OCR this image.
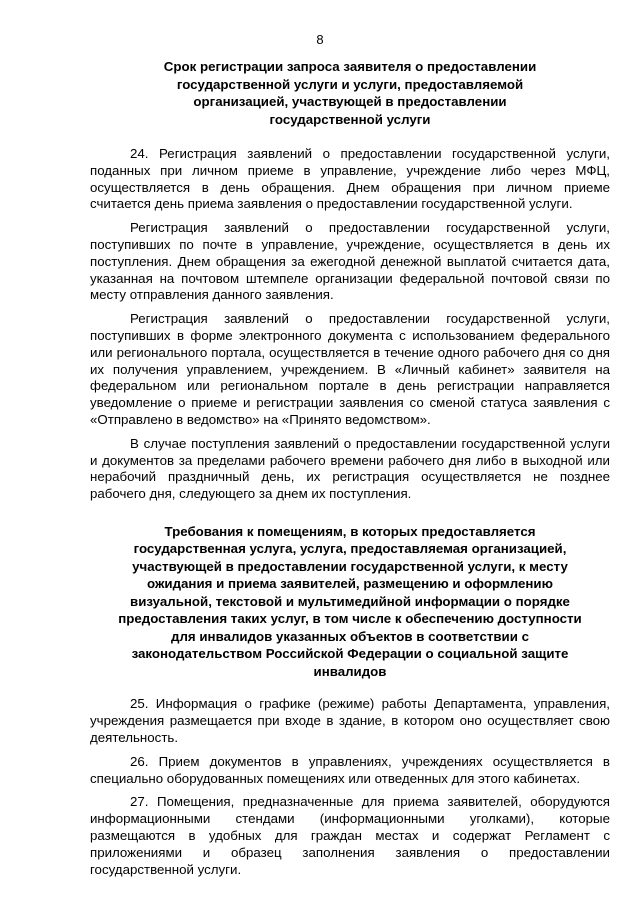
8
Срок регистрации запроса заявителя о предоставлении государственной услуги и услуги, предоставляемой организацией, участвующей в предоставлении государственной услуги

24. Регистрация заявлений о предоставлении государственной услуги, поданных при личном приеме в управление, учреждение либо через МФЦ, осуществляется в день обращения. Днем обращения при личном приеме считается день приема заявления о предоставлении государственной услуги.

Регистрация заявлений о предоставлении государственной услуги, поступивших по почте в управление, учреждение, осуществляется в день их поступления. Днем обращения за ежегодной денежной выплатой считается дата, указанная на почтовом штемпеле организации федеральной почтовой связи по месту отправления данного заявления.

Регистрация заявлений о предоставлении государственной услуги, поступивших в форме электронного документа с использованием федерального или регионального портала, осуществляется в течение одного рабочего дня со дня их получения управлением, учреждением. В «Личный кабинет» заявителя на федеральном или региональном портале в день регистрации направляется уведомление о приеме и регистрации заявления со сменой статуса заявления с «Отправлено в ведомство» на «Принято ведомством».

В случае поступления заявлений о предоставлении государственной услуги и документов за пределами рабочего времени рабочего дня либо в выходной или нерабочий праздничный день, их регистрация осуществляется не позднее рабочего дня, следующего за днем их поступления.

Требования к помещениям, в которых предоставляется государственная услуга, услуга, предоставляемая организацией, участвующей в предоставлении государственной услуги, к месту ожидания и приема заявителей, размещению и оформлению визуальной, текстовой и мультимедийной информации о порядке предоставления таких услуг, в том числе к обеспечению доступности для инвалидов указанных объектов в соответствии с законодательством Российской Федерации о социальной защите инвалидов

25. Информация о графике (режиме) работы Департамента, управления, учреждения размещается при входе в здание, в котором оно осуществляет свою деятельность.

26. Прием документов в управлениях, учреждениях осуществляется в специально оборудованных помещениях или отведенных для этого кабинетах.

27. Помещения, предназначенные для приема заявителей, оборудуются информационными стендами (информационными уголками), которые размещаются в удобных для граждан местах и содержат Регламент с приложениями и образец заполнения заявления о предоставлении государственной услуги.
